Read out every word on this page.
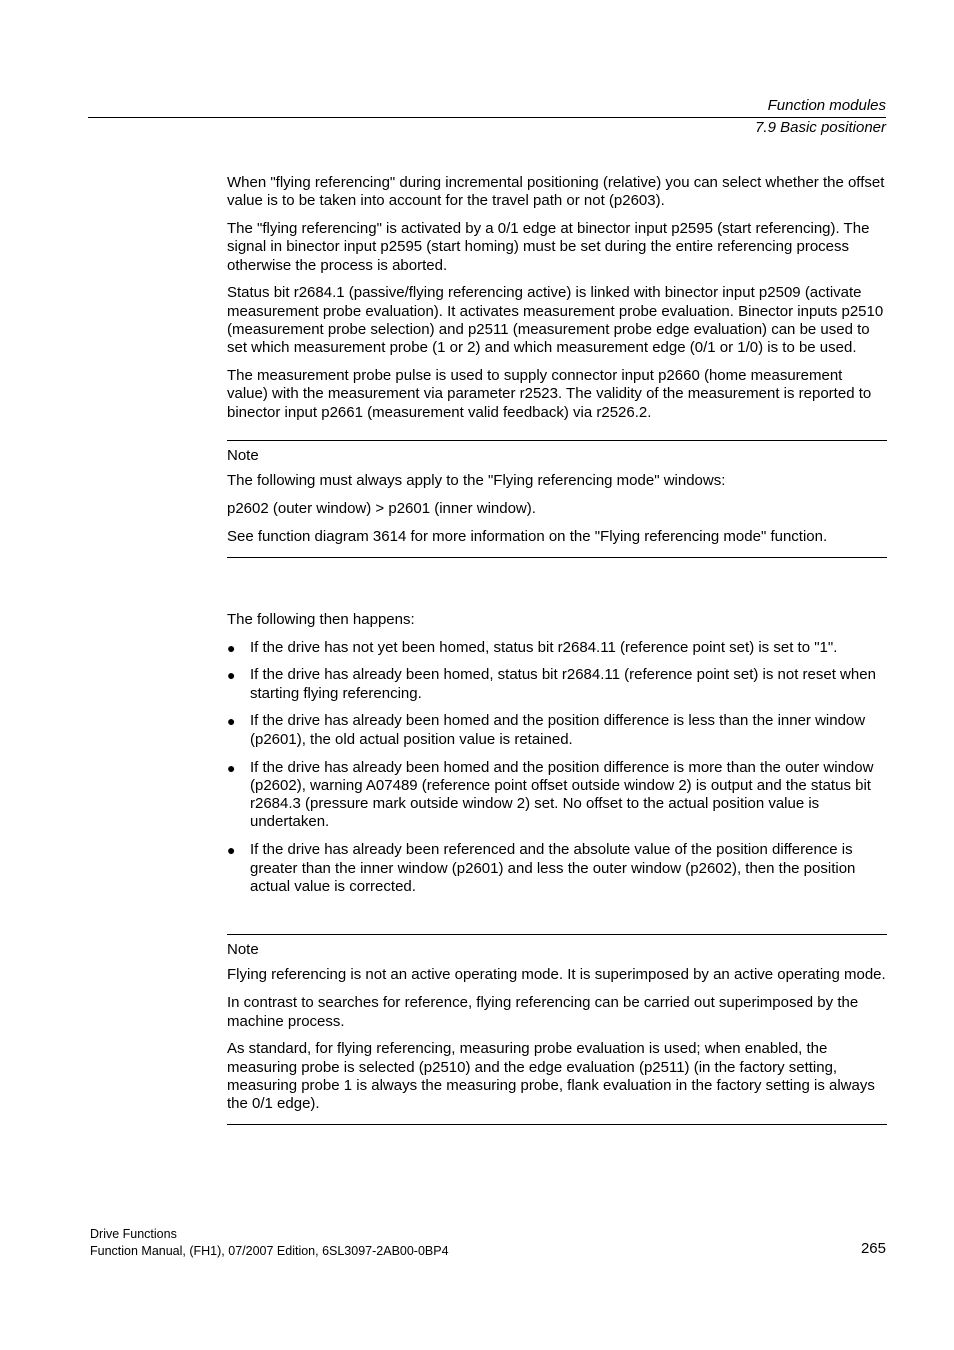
Function modules
7.9 Basic positioner

When "flying referencing" during incremental positioning (relative) you can select whether the offset value is to be taken into account for the travel path or not (p2603).

The "flying referencing" is activated by a 0/1 edge at binector input p2595 (start referencing). The signal in binector input p2595 (start homing) must be set during the entire referencing process otherwise the process is aborted.

Status bit r2684.1 (passive/flying referencing active) is linked with binector input p2509 (activate measurement probe evaluation). It activates measurement probe evaluation. Binector inputs p2510 (measurement probe selection) and p2511 (measurement probe edge evaluation) can be used to set which measurement probe (1 or 2) and which measurement edge (0/1 or 1/0) is to be used.

The measurement probe pulse is used to supply connector input p2660 (home measurement value) with the measurement via parameter r2523. The validity of the measurement is reported to binector input p2661 (measurement valid feedback) via r2526.2.

Note

The following must always apply to the "Flying referencing mode" windows:

p2602 (outer window) > p2601 (inner window).

See function diagram 3614 for more information on the "Flying referencing mode" function.

The following then happens:

● If the drive has not yet been homed, status bit r2684.11 (reference point set) is set to "1".
● If the drive has already been homed, status bit r2684.11 (reference point set) is not reset when starting flying referencing.
● If the drive has already been homed and the position difference is less than the inner window (p2601), the old actual position value is retained.
● If the drive has already been homed and the position difference is more than the outer window (p2602), warning A07489 (reference point offset outside window 2) is output and the status bit r2684.3 (pressure mark outside window 2) set. No offset to the actual position value is undertaken.
● If the drive has already been referenced and the absolute value of the position difference is greater than the inner window (p2601) and less the outer window (p2602), then the position actual value is corrected.
Note

Flying referencing is not an active operating mode. It is superimposed by an active operating mode.

In contrast to searches for reference, flying referencing can be carried out superimposed by the machine process.

As standard, for flying referencing, measuring probe evaluation is used; when enabled, the measuring probe is selected (p2510) and the edge evaluation (p2511) (in the factory setting, measuring probe 1 is always the measuring probe, flank evaluation in the factory setting is always the 0/1 edge).

Drive Functions
Function Manual, (FH1), 07/2007 Edition, 6SL3097-2AB00-0BP4	265
